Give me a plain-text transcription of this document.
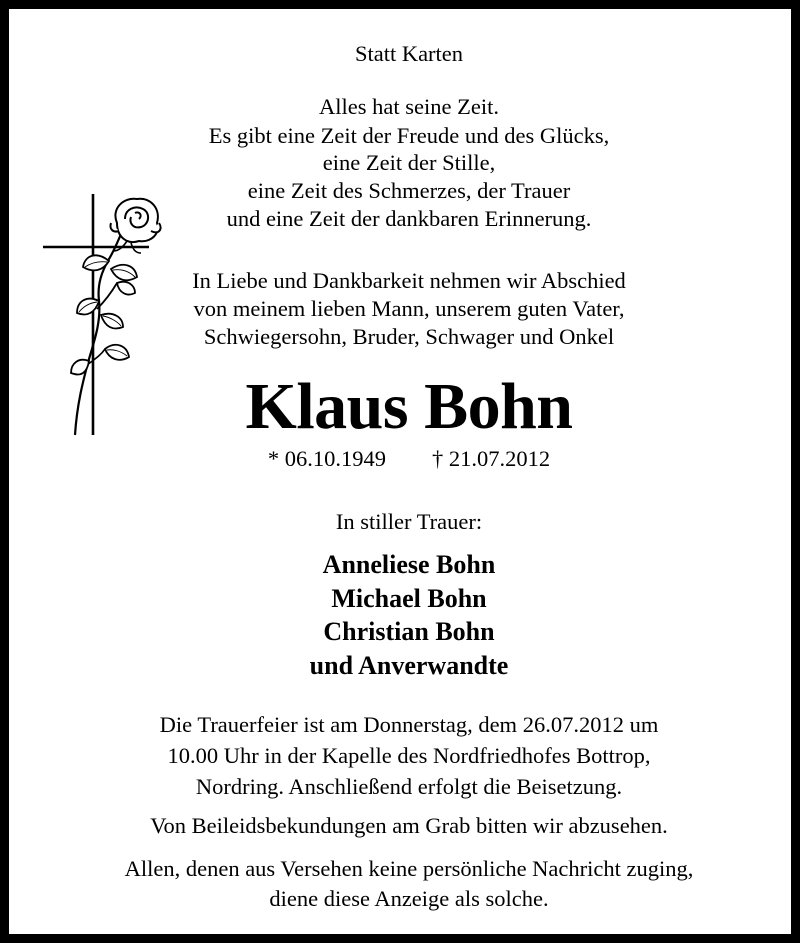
Statt Karten
Alles hat seine Zeit.
Es gibt eine Zeit der Freude und des Glücks,
eine Zeit der Stille,
eine Zeit des Schmerzes, der Trauer
und eine Zeit der dankbaren Erinnerung.
In Liebe und Dankbarkeit nehmen wir Abschied
von meinem lieben Mann, unserem guten Vater,
Schwiegersohn, Bruder, Schwager und Onkel
Klaus Bohn
* 06.10.1949 † 21.07.2012
In stiller Trauer:
Anneliese Bohn
Michael Bohn
Christian Bohn
und Anverwandte
Die Trauerfeier ist am Donnerstag, dem 26.07.2012 um
10.00 Uhr in der Kapelle des Nordfriedhofes Bottrop,
Nordring. Anschließend erfolgt die Beisetzung.
Von Beileidsbekundungen am Grab bitten wir abzusehen.
Allen, denen aus Versehen keine persönliche Nachricht zuging,
diene diese Anzeige als solche.
